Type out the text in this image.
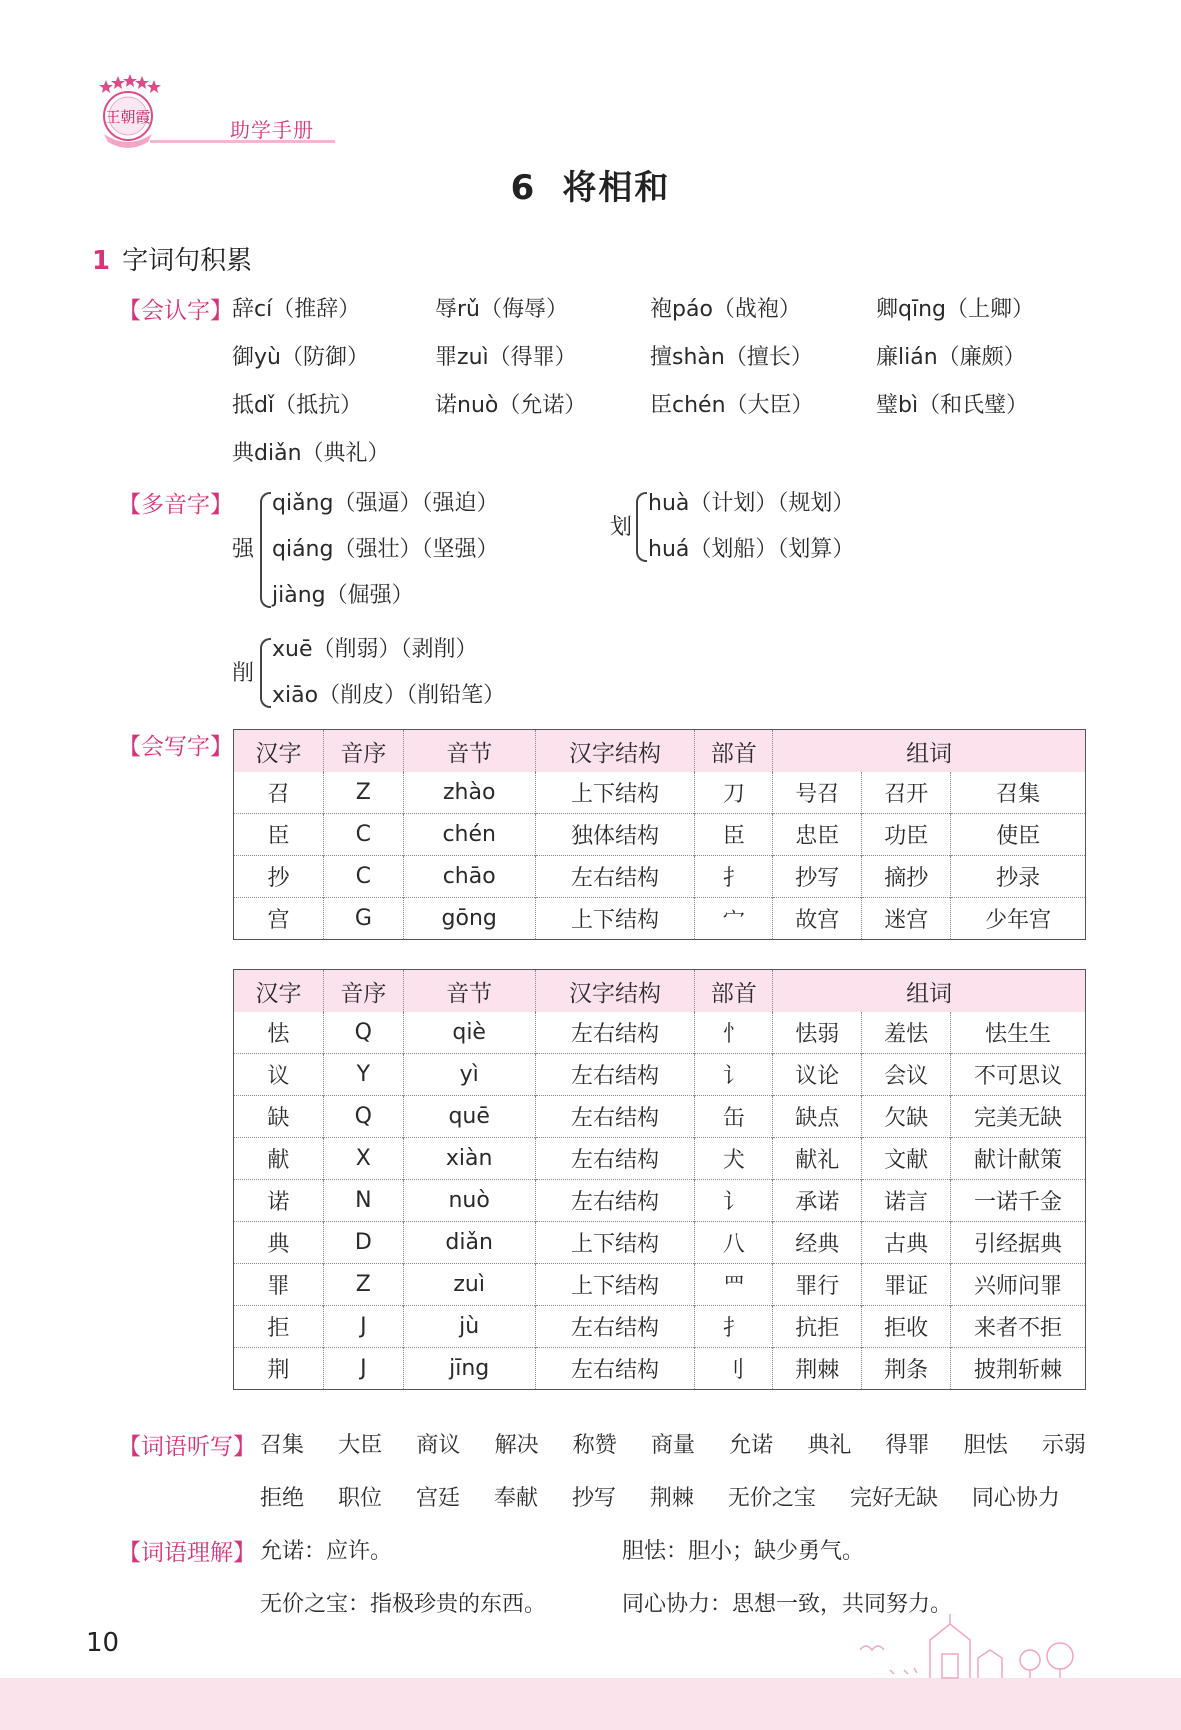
王朝霞
助学手册
6 将相和
1 字词句积累
【会认字】 辞cí（推辞）	辱rǔ（侮辱）	袍páo（战袍）	卿qīng（上卿）
御yù（防御）	罪zuì（得罪）	擅shàn（擅长）	廉lián（廉颇）
抵dǐ（抵抗）	诺nuò（允诺）	臣chén（大臣）	璧bì（和氏璧）
典diǎn（典礼）
【多音字】
强
qiǎng（强逼）（强迫）
qiáng（强壮）（坚强）
jiàng（倔强）
划
huà（计划）（规划）
huá（划船）（划算）
削
xuē（削弱）（剥削）
xiāo（削皮）（削铅笔）
【会写字】 汉字	音序	音节	汉字结构	部首	组词		
召	Z	zhào	上下结构	刀	号召	召开	召集
臣	C	chén	独体结构	臣	忠臣	功臣	使臣
抄	C	chāo	左右结构	扌	抄写	摘抄	抄录
宫	G	gōng	上下结构	宀	故宫	迷宫	少年宫
汉字	音序	音节	汉字结构	部首	组词		
怯	Q	qiè	左右结构	忄	怯弱	羞怯	怯生生
议	Y	yì	左右结构	讠	议论	会议	不可思议
缺	Q	quē	左右结构	缶	缺点	欠缺	完美无缺
献	X	xiàn	左右结构	犬	献礼	文献	献计献策
诺	N	nuò	左右结构	讠	承诺	诺言	一诺千金
典	D	diǎn	上下结构	八	经典	古典	引经据典
罪	Z	zuì	上下结构	罒	罪行	罪证	兴师问罪
拒	J	jù	左右结构	扌	抗拒	拒收	来者不拒
荆	J	jīng	左右结构	刂	荆棘	荆条	披荆斩棘
【词语听写】 召集 大臣 商议 解决 称赞 商量 允诺 典礼 得罪 胆怯 示弱
拒绝 职位 宫廷 奉献 抄写 荆棘 无价之宝 完好无缺 同心协力
【词语理解】 允诺：应许。	胆怯：胆小；缺少勇气。
无价之宝：指极珍贵的东西。	同心协力：思想一致，共同努力。
10
